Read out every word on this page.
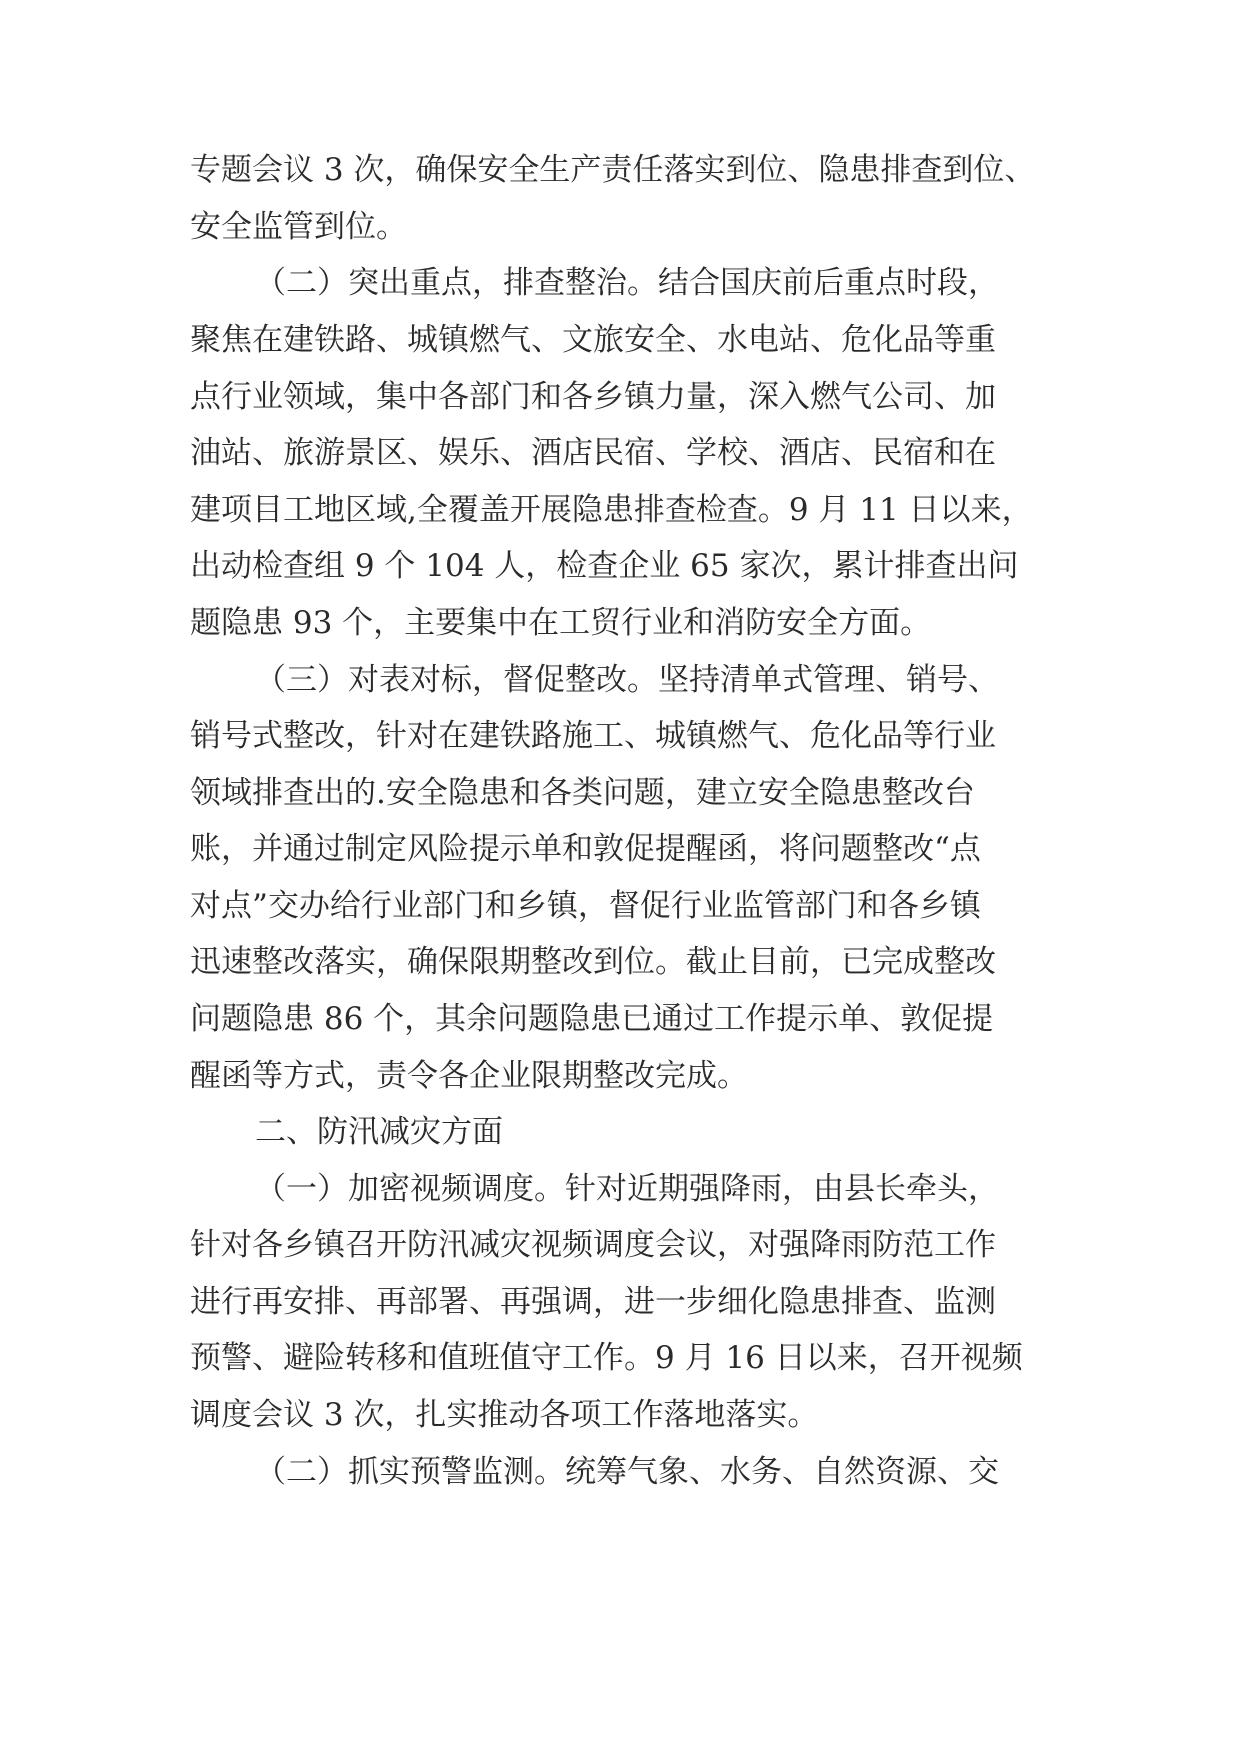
专题会议 3 次，确保安全生产责任落实到位、隐患排查到位、
安全监管到位。
（二）突出重点，排查整治。结合国庆前后重点时段，
聚焦在建铁路、城镇燃气、文旅安全、水电站、危化品等重
点行业领域，集中各部门和各乡镇力量，深入燃气公司、加
油站、旅游景区、娱乐、酒店民宿、学校、酒店、民宿和在
建项目工地区域,全覆盖开展隐患排查检查。9 月 11 日以来，
出动检查组 9 个 104 人，检查企业 65 家次，累计排查出问
题隐患 93 个，主要集中在工贸行业和消防安全方面。
（三）对表对标，督促整改。坚持清单式管理、销号、
销号式整改，针对在建铁路施工、城镇燃气、危化品等行业
领域排查出的.安全隐患和各类问题，建立安全隐患整改台
账，并通过制定风险提示单和敦促提醒函，将问题整改“点
对点”交办给行业部门和乡镇，督促行业监管部门和各乡镇
迅速整改落实，确保限期整改到位。截止目前，已完成整改
问题隐患 86 个，其余问题隐患已通过工作提示单、敦促提
醒函等方式，责令各企业限期整改完成。
二、防汛减灾方面
（一）加密视频调度。针对近期强降雨，由县长牵头，
针对各乡镇召开防汛减灾视频调度会议，对强降雨防范工作
进行再安排、再部署、再强调，进一步细化隐患排查、监测
预警、避险转移和值班值守工作。9 月 16 日以来，召开视频
调度会议 3 次，扎实推动各项工作落地落实。
（二）抓实预警监测。统筹气象、水务、自然资源、交
